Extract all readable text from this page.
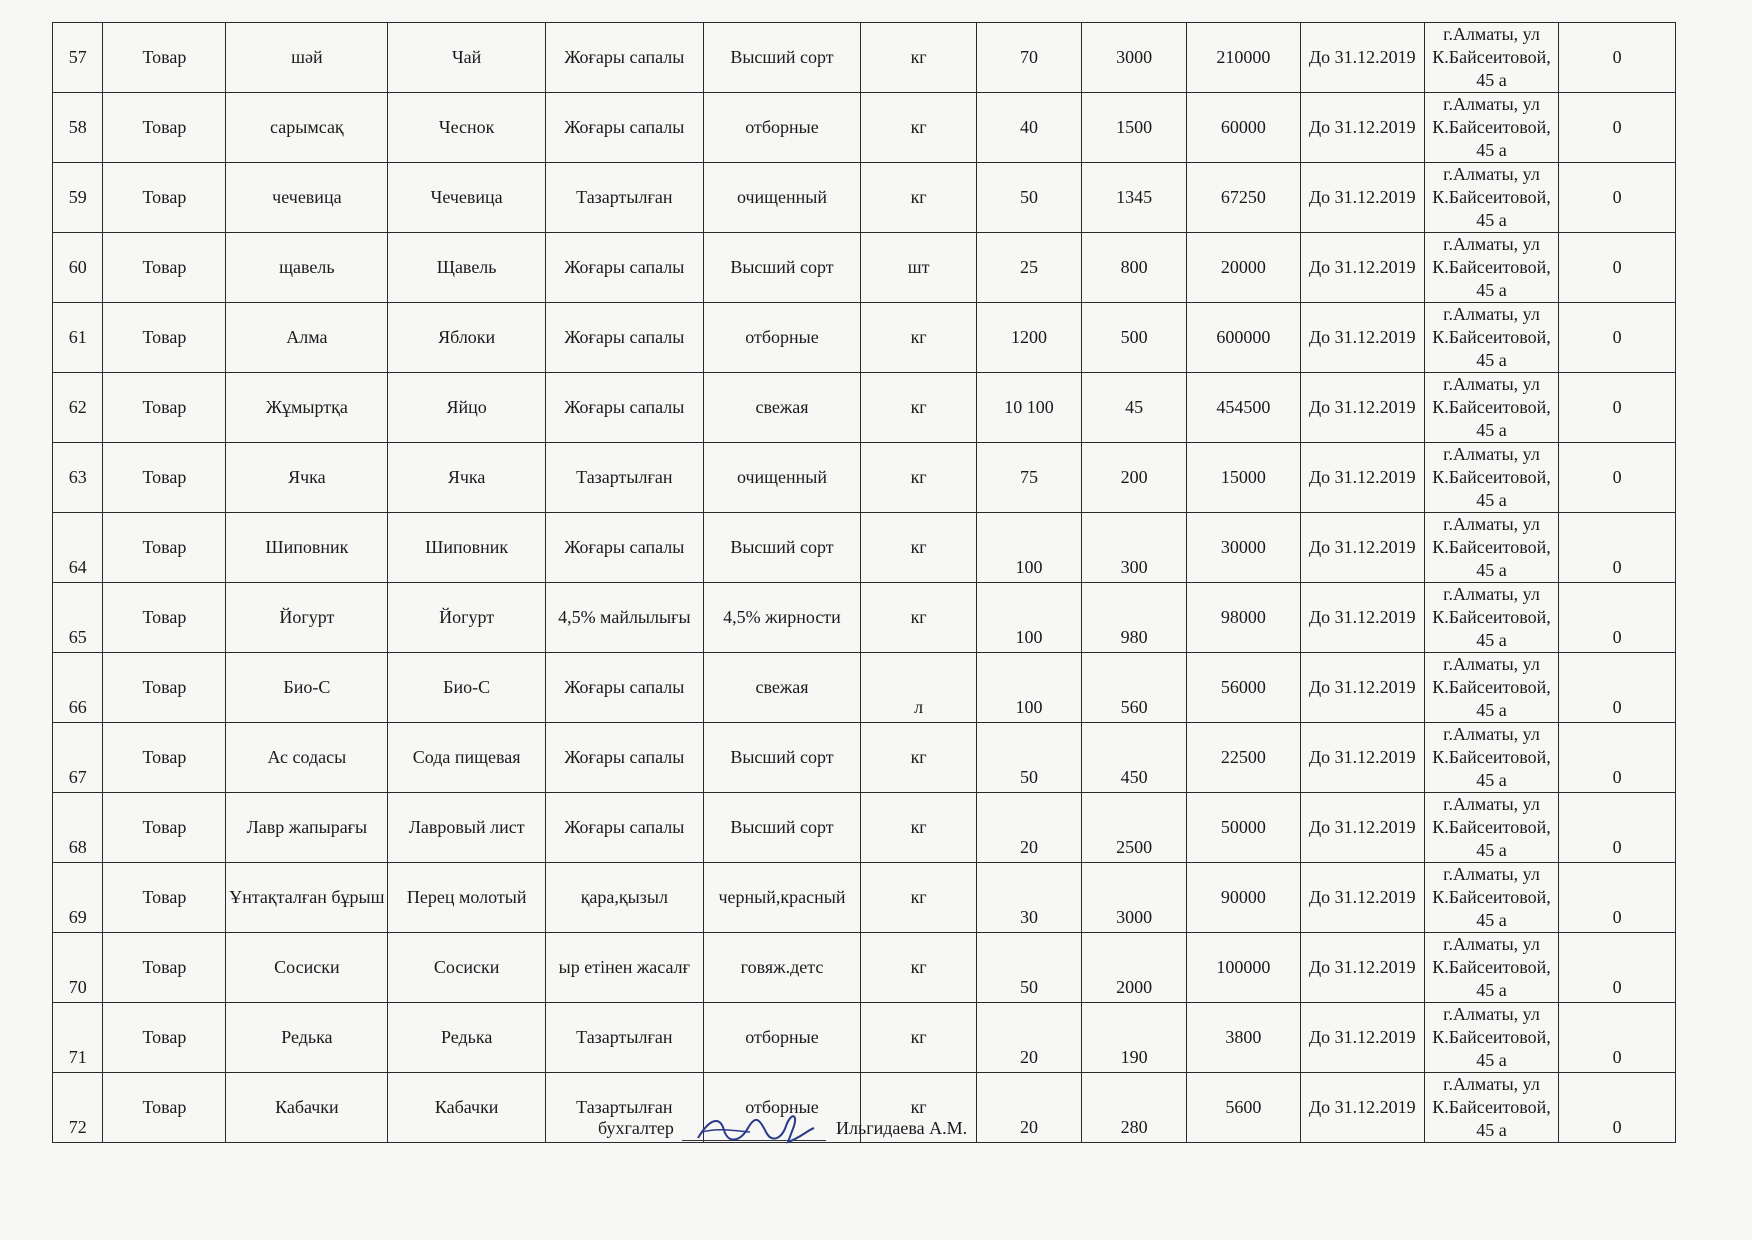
57	Товар	шәй	Чай	Жоғары сапалы	Высший сорт	кг	70	3000	210000	До 31.12.2019	г.Алматы, ул
К.Байсеитовой,
45 а	0
58	Товар	сарымсақ	Чеснок	Жоғары сапалы	отборные	кг	40	1500	60000	До 31.12.2019	г.Алматы, ул
К.Байсеитовой,
45 а	0
59	Товар	чечевица	Чечевица	Тазартылған	очищенный	кг	50	1345	67250	До 31.12.2019	г.Алматы, ул
К.Байсеитовой,
45 а	0
60	Товар	щавель	Щавель	Жоғары сапалы	Высший сорт	шт	25	800	20000	До 31.12.2019	г.Алматы, ул
К.Байсеитовой,
45 а	0
61	Товар	Алма	Яблоки	Жоғары сапалы	отборные	кг	1200	500	600000	До 31.12.2019	г.Алматы, ул
К.Байсеитовой,
45 а	0
62	Товар	Жұмыртқа	Яйцо	Жоғары сапалы	свежая	кг	10 100	45	454500	До 31.12.2019	г.Алматы, ул
К.Байсеитовой,
45 а	0
63	Товар	Ячка	Ячка	Тазартылған	очищенный	кг	75	200	15000	До 31.12.2019	г.Алматы, ул
К.Байсеитовой,
45 а	0
64	Товар	Шиповник	Шиповник	Жоғары сапалы	Высший сорт	кг	100	300	30000	До 31.12.2019	г.Алматы, ул
К.Байсеитовой,
45 а	0
65	Товар	Йогурт	Йогурт	4,5% майлылығы	4,5% жирности	кг	100	980	98000	До 31.12.2019	г.Алматы, ул
К.Байсеитовой,
45 а	0
66	Товар	Био-С	Био-С	Жоғары сапалы	свежая	л	100	560	56000	До 31.12.2019	г.Алматы, ул
К.Байсеитовой,
45 а	0
67	Товар	Ас содасы	Сода пищевая	Жоғары сапалы	Высший сорт	кг	50	450	22500	До 31.12.2019	г.Алматы, ул
К.Байсеитовой,
45 а	0
68	Товар	Лавр жапырағы	Лавровый лист	Жоғары сапалы	Высший сорт	кг	20	2500	50000	До 31.12.2019	г.Алматы, ул
К.Байсеитовой,
45 а	0
69	Товар	Ұнтақталған бұрыш	Перец молотый	қара,қызыл	черный,красный	кг	30	3000	90000	До 31.12.2019	г.Алматы, ул
К.Байсеитовой,
45 а	0
70	Товар	Сосиски	Сосиски	ыр етінен жасалғ	говяж.детс	кг	50	2000	100000	До 31.12.2019	г.Алматы, ул
К.Байсеитовой,
45 а	0
71	Товар	Редька	Редька	Тазартылған	отборные	кг	20	190	3800	До 31.12.2019	г.Алматы, ул
К.Байсеитовой,
45 а	0
72	Товар	Кабачки	Кабачки	Тазартылған	отборные	кг	20	280	5600	До 31.12.2019	г.Алматы, ул
К.Байсеитовой,
45 а	0
бухгалтер	Ильгидаева А.М.
